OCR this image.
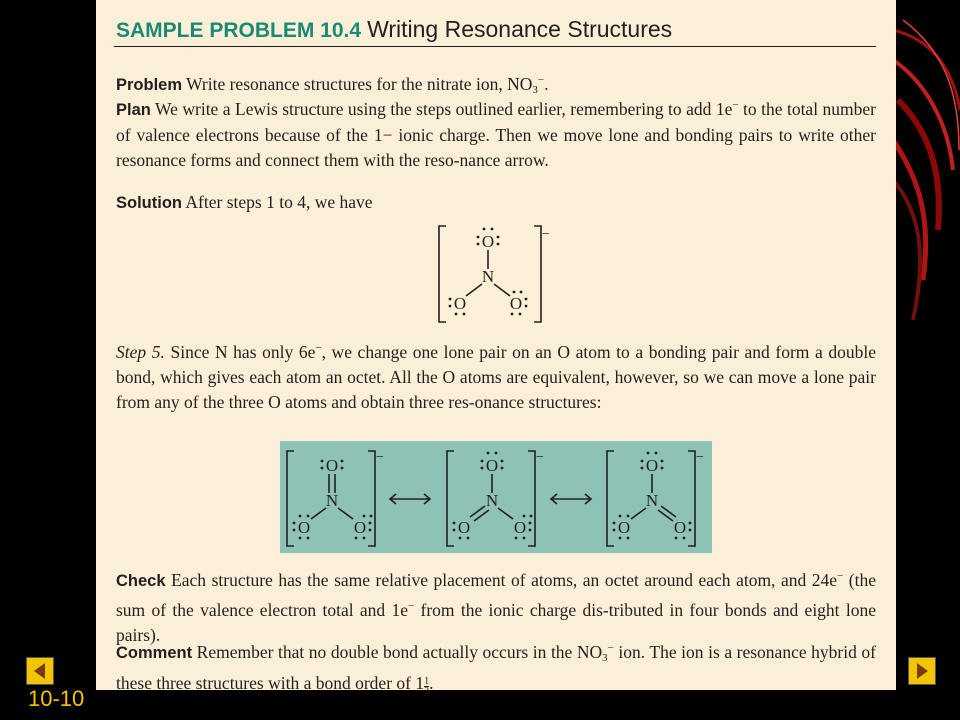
SAMPLE PROBLEM 10.4 Writing Resonance Structures
Problem Write resonance structures for the nitrate ion, $NO_3^-$.
Plan We write a Lewis structure using the steps outlined earlier, remembering to add 1e− to the total number of valence electrons because of the 1− ionic charge. Then we move lone and bonding pairs to write other resonance forms and connect them with the reso-nance arrow.
Solution After steps 1 to 4, we have
O
N
O	O
−
Step 5. Since N has only 6e−, we change one lone pair on an O atom to a bonding pair and form a double bond, which gives each atom an octet. All the O atoms are equivalent, however, so we can move a lone pair from any of the three O atoms and obtain three res-onance structures:
O
N
O	O
−	O
N
O	O
−	O
N
O	O
−
Check Each structure has the same relative placement of atoms, an octet around each atom, and 24e− (the sum of the valence electron total and 1e− from the ionic charge dis-tributed in four bonds and eight lone pairs).
Comment Remember that no double bond actually occurs in the $NO_3^-$ ion. The ion is a resonance hybrid of these three structures with a bond order of $1 \frac{1}{3}$ .
10-10
